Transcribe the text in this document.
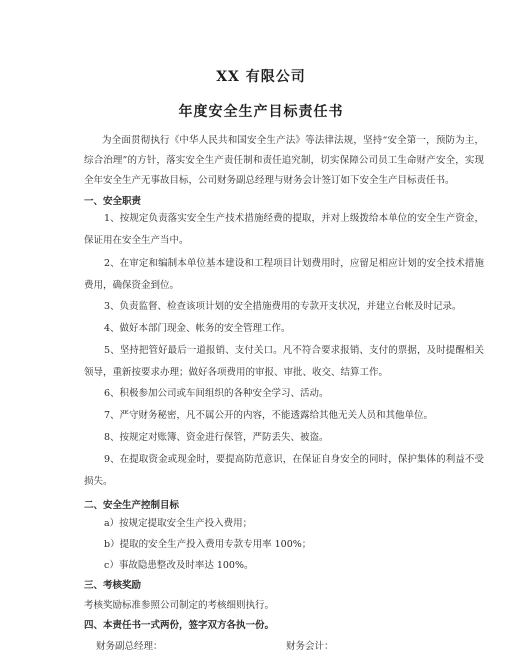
XX 有限公司
年度安全生产目标责任书

为全面贯彻执行《中华人民共和国安全生产法》等法律法规，坚持“安全第一，预防为主，综合治理”的方针，落实安全生产责任制和责任追究制，切实保障公司员工生命财产安全，实现全年安全生产无事故目标，公司财务副总经理与财务会计签订如下安全生产目标责任书。

一、安全职责

1、按规定负责落实安全生产技术措施经费的提取，并对上级拨给本单位的安全生产资金，保证用在安全生产当中。

2、在审定和编制本单位基本建设和工程项目计划费用时，应留足相应计划的安全技术措施费用，确保资金到位。

3、负责监督、检查该项计划的安全措施费用的专款开支状况，并建立台帐及时记录。

4、做好本部门现金、帐务的安全管理工作。

5、坚持把管好最后一道报销、支付关口。凡不符合要求报销、支付的票据，及时提醒相关领导，重新按要求办理；做好各项费用的审报、审批、收交、结算工作。

6、积极参加公司或车间组织的各种安全学习、活动。

7、严守财务秘密，凡不属公开的内容，不能透露给其他无关人员和其他单位。

8、按规定对账簿、资金进行保管，严防丢失、被盗。

9、在提取资金或现金时，要提高防范意识，在保证自身安全的同时，保护集体的利益不受损失。

二、安全生产控制目标

a）按规定提取安全生产投入费用；

b）提取的安全生产投入费用专款专用率 100%；

c）事故隐患整改及时率达 100%。

三、考核奖励

考核奖励标准参照公司制定的考核细则执行。

四、本责任书一式两份，签字双方各执一份。

财务副总经理：	财务会计：
